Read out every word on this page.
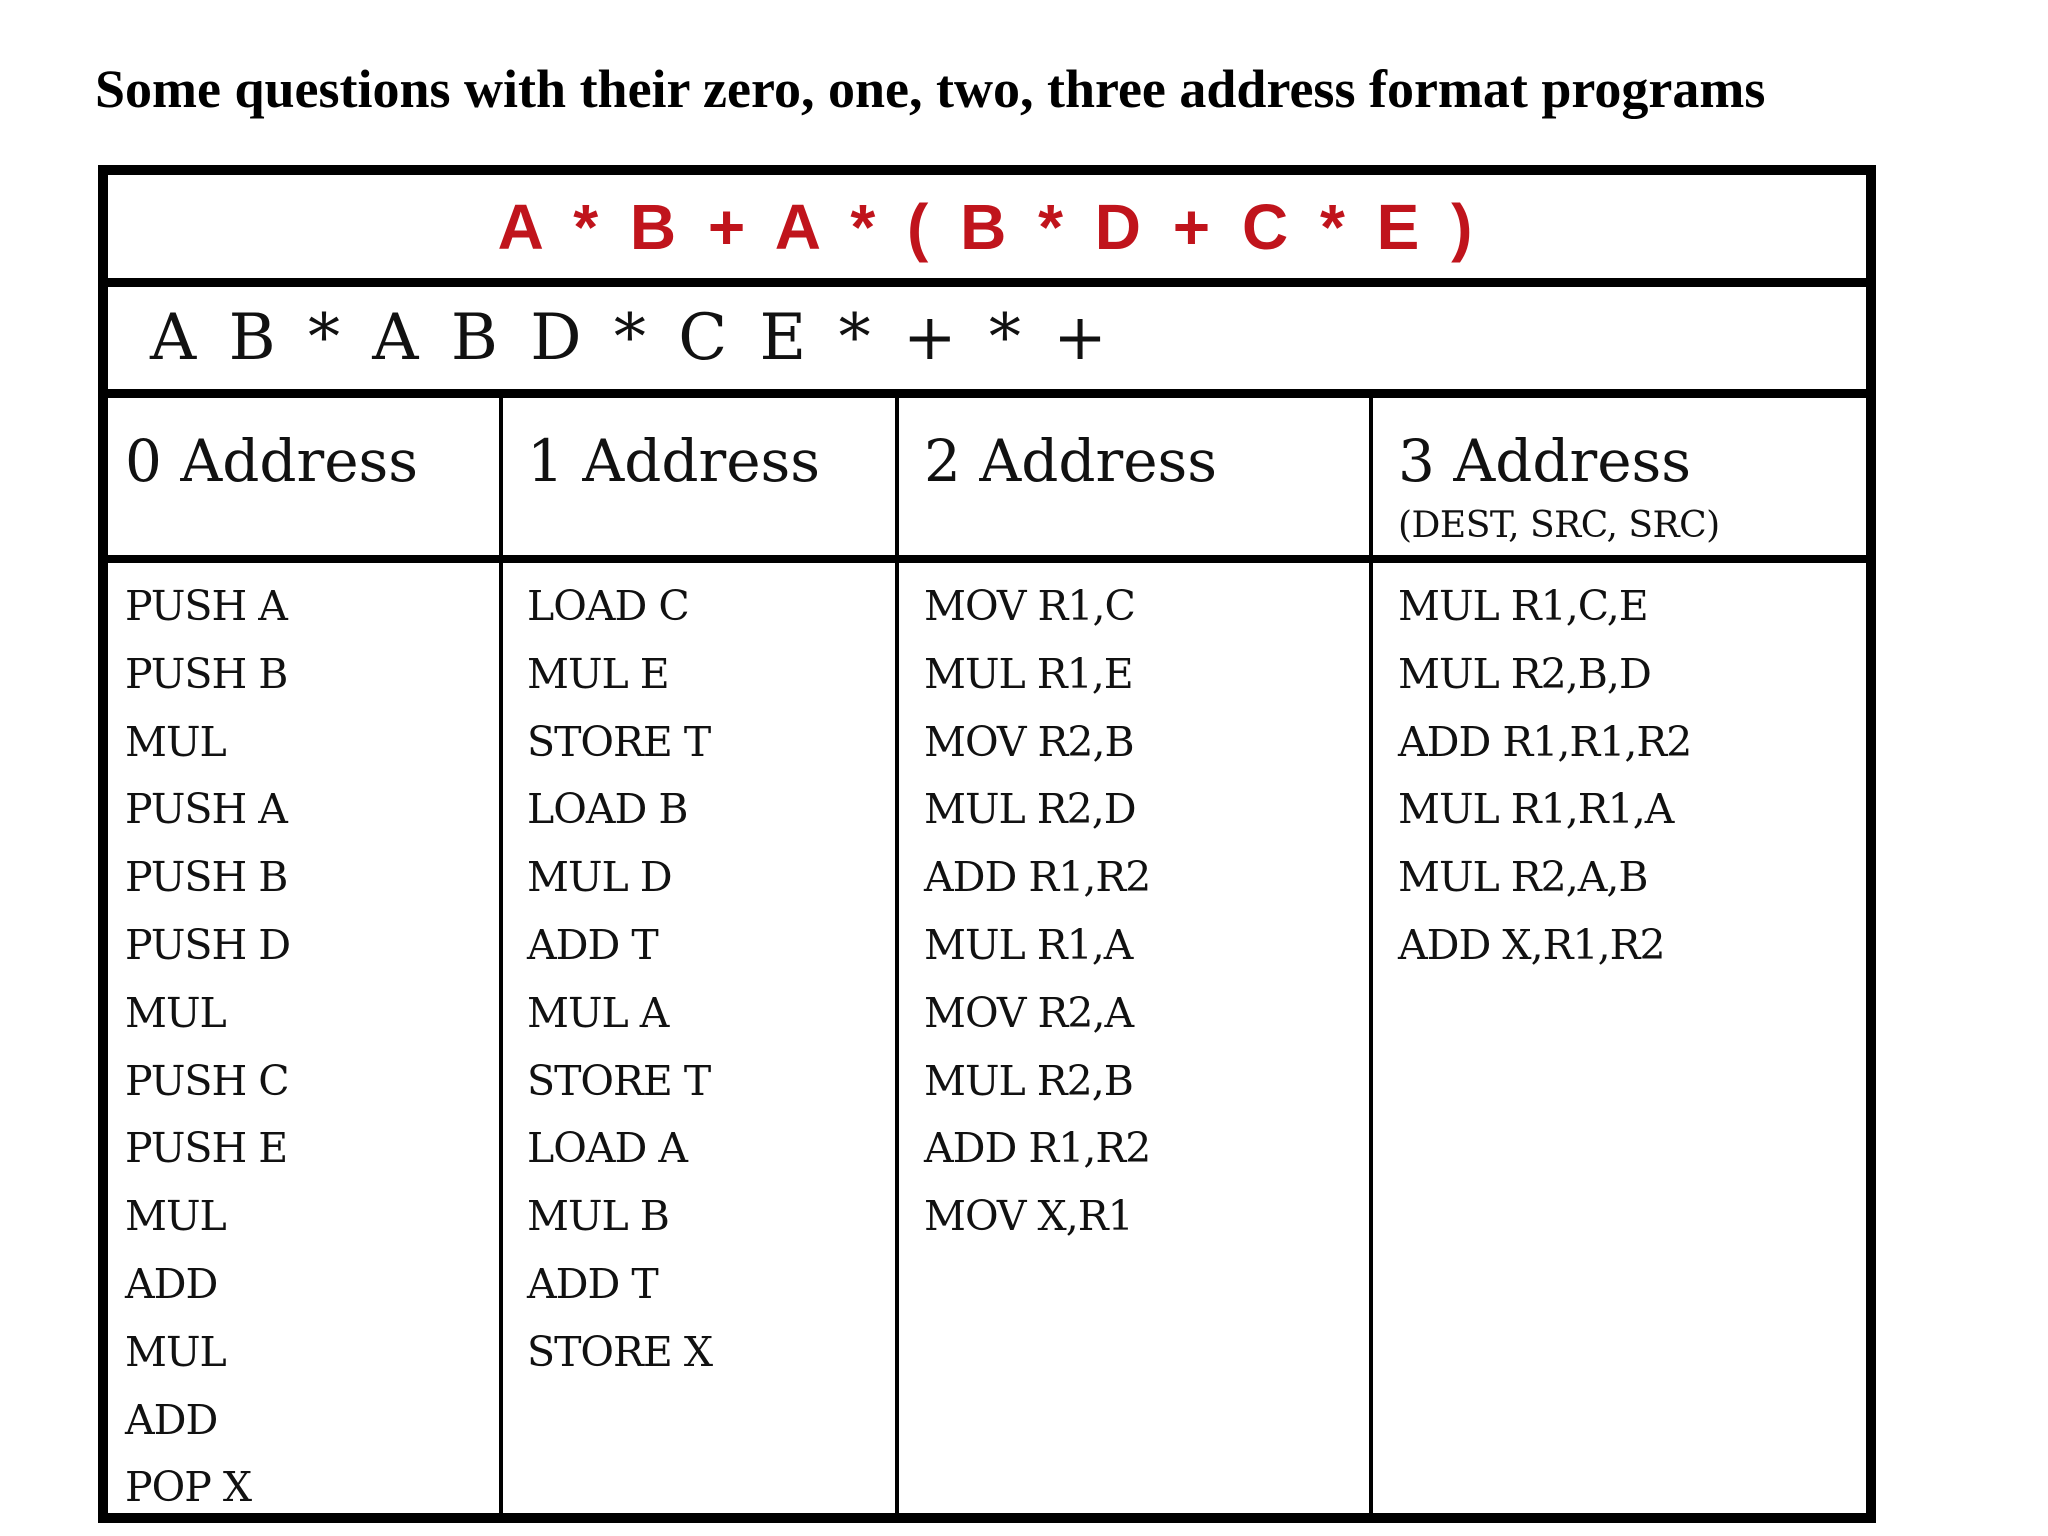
Some questions with their zero, one, two, three address format programs
A * B + A * ( B * D + C * E )
A B * A B D * C E * + * +
0 Address 1 Address 2 Address	3 Address
(DEST, SRC, SRC)
PUSH A
PUSH B
MUL
PUSH A
PUSH B
PUSH D
MUL
PUSH C
PUSH E
MUL
ADD
MUL
ADD
POP X
LOAD C
MUL E
STORE T
LOAD B
MUL D
ADD T
MUL A
STORE T
LOAD A
MUL B
ADD T
STORE X
MOV R1,C
MUL R1,E
MOV R2,B
MUL R2,D
ADD R1,R2
MUL R1,A
MOV R2,A
MUL R2,B
ADD R1,R2
MOV X,R1
MUL R1,C,E
MUL R2,B,D
ADD R1,R1,R2
MUL R1,R1,A
MUL R2,A,B
ADD X,R1,R2
